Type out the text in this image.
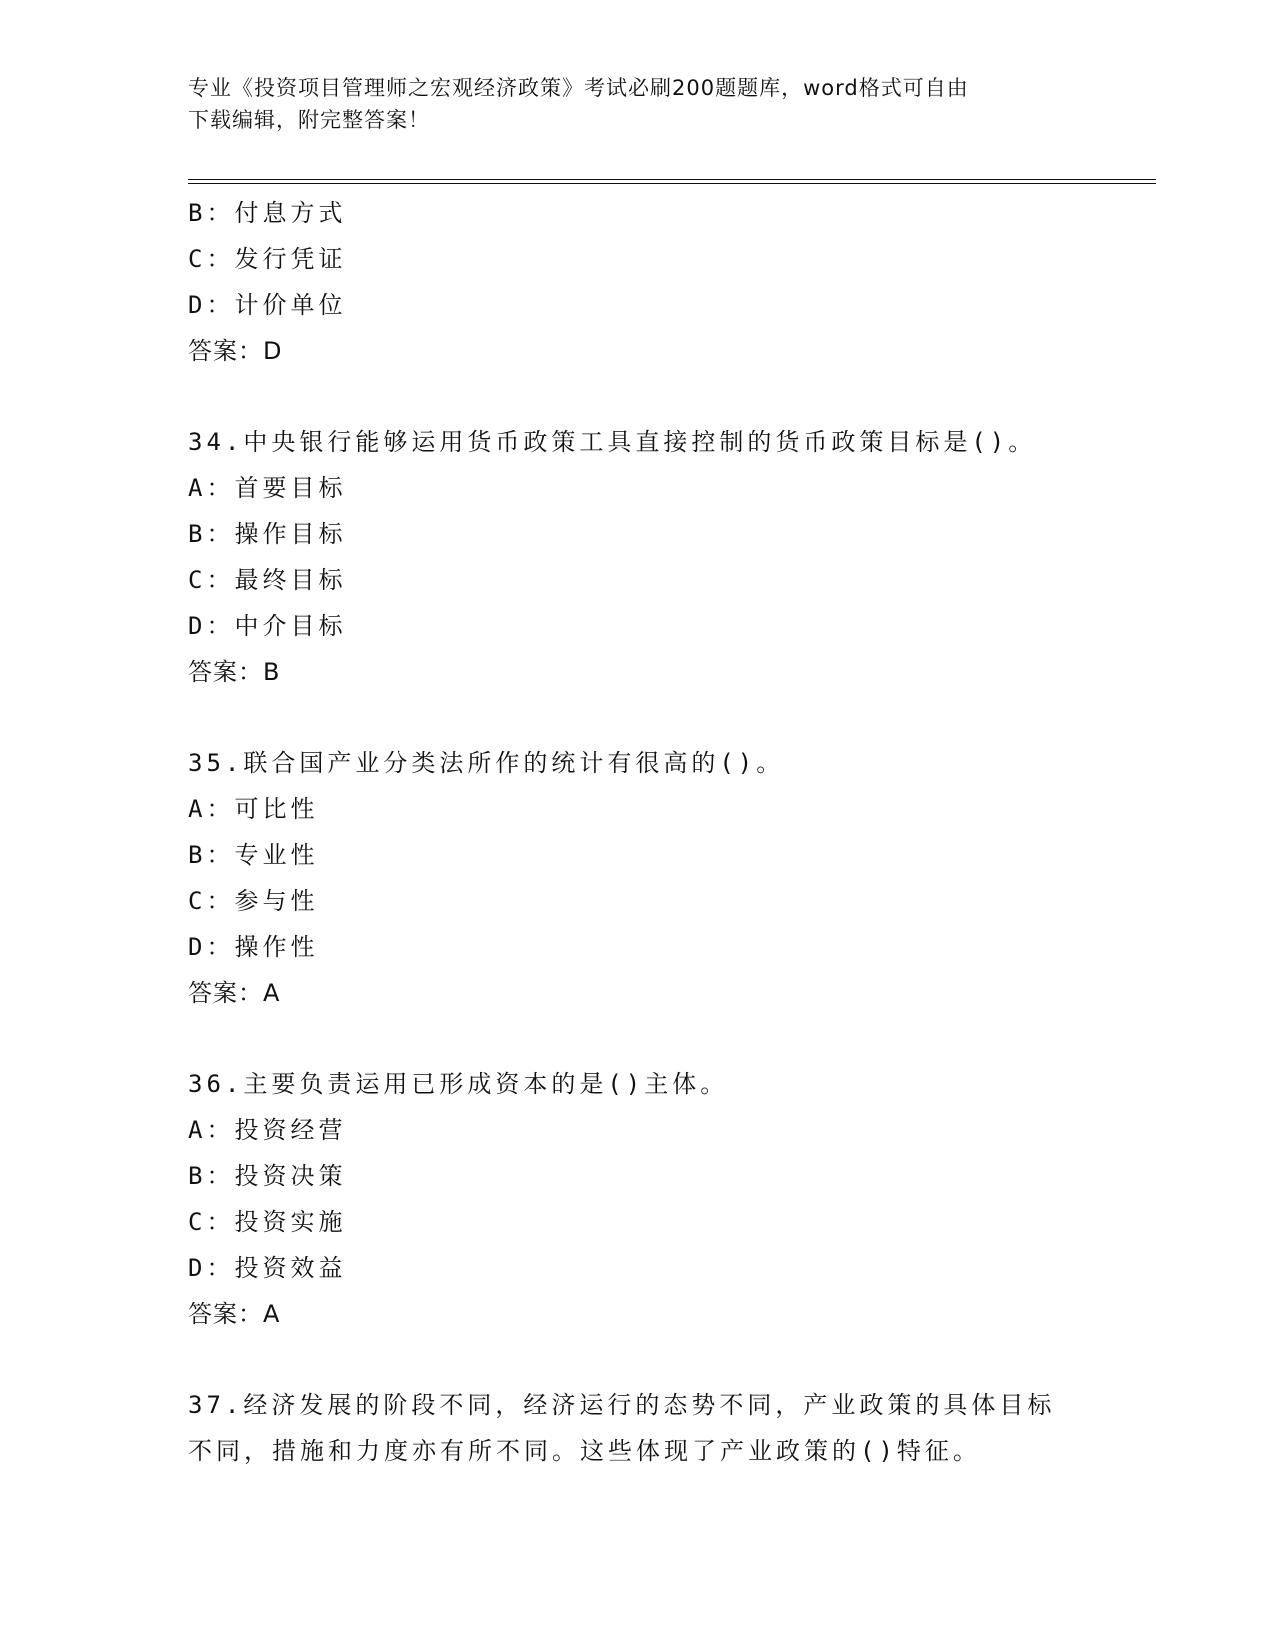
专业《投资项目管理师之宏观经济政策》考试必刷200题题库，word格式可自由
下载编辑，附完整答案！
B：付息方式
C：发行凭证
D：计价单位
答案：D
34.中央银行能够运用货币政策工具直接控制的货币政策目标是()。
A：首要目标
B：操作目标
C：最终目标
D：中介目标
答案：B
35.联合国产业分类法所作的统计有很高的()。
A：可比性
B：专业性
C：参与性
D：操作性
答案：A
36.主要负责运用已形成资本的是()主体。
A：投资经营
B：投资决策
C：投资实施
D：投资效益
答案：A
37.经济发展的阶段不同，经济运行的态势不同，产业政策的具体目标
不同，措施和力度亦有所不同。这些体现了产业政策的()特征。
